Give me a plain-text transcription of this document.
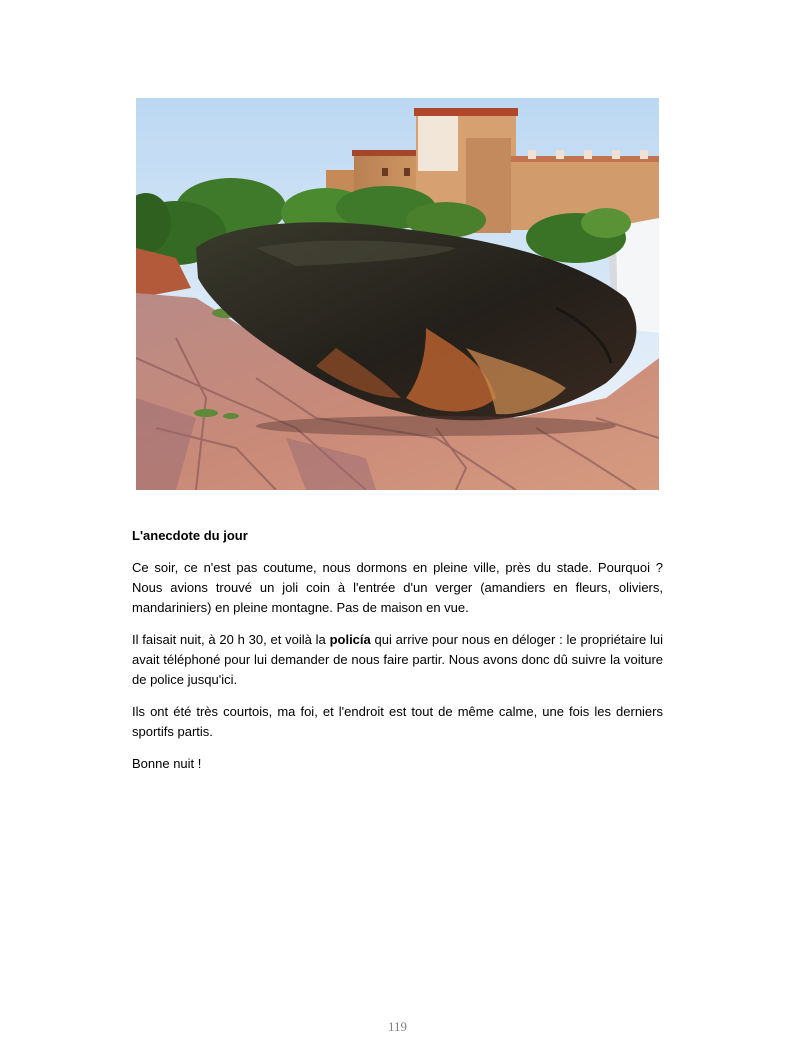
L'anecdote du jour

Ce soir, ce n'est pas coutume, nous dormons en pleine ville, près du stade. Pourquoi ? Nous avions trouvé un joli coin à l'entrée d'un verger (amandiers en fleurs, oliviers, mandariniers) en pleine montagne. Pas de maison en vue.

Il faisait nuit, à 20 h 30, et voilà la policía qui arrive pour nous en déloger : le propriétaire lui avait téléphoné pour lui demander de nous faire partir. Nous avons donc dû suivre la voiture de police jusqu'ici.

Ils ont été très courtois, ma foi, et l'endroit est tout de même calme, une fois les derniers sportifs partis.

Bonne nuit !

119
